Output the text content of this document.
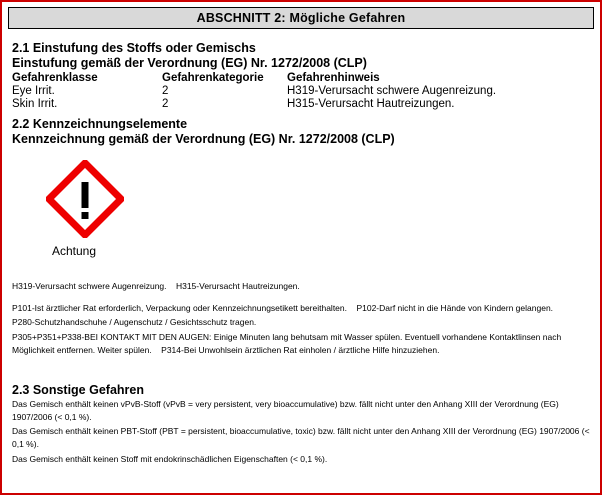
ABSCHNITT 2: Mögliche Gefahren
2.1 Einstufung des Stoffs oder Gemischs
Einstufung gemäß der Verordnung (EG) Nr. 1272/2008 (CLP)
Gefahrenklasse	Gefahrenkategorie	Gefahrenhinweis
Eye Irrit.	2	H319-Verursacht schwere Augenreizung.
Skin Irrit.	2	H315-Verursacht Hautreizungen.
2.2 Kennzeichnungselemente
Kennzeichnung gemäß der Verordnung (EG) Nr. 1272/2008 (CLP)
Achtung
H319-Verursacht schwere Augenreizung. H315-Verursacht Hautreizungen.
P101-Ist ärztlicher Rat erforderlich, Verpackung oder Kennzeichnungsetikett bereithalten. P102-Darf nicht in die Hände von Kindern gelangen.
P280-Schutzhandschuhe / Augenschutz / Gesichtsschutz tragen.
P305+P351+P338-BEI KONTAKT MIT DEN AUGEN: Einige Minuten lang behutsam mit Wasser spülen. Eventuell vorhandene Kontaktlinsen nach Möglichkeit entfernen. Weiter spülen. P314-Bei Unwohlsein ärztlichen Rat einholen / ärztliche Hilfe hinzuziehen.
2.3 Sonstige Gefahren

Das Gemisch enthält keinen vPvB-Stoff (vPvB = very persistent, very bioaccumulative) bzw. fällt nicht unter den Anhang XIII der Verordnung (EG) 1907/2006 (< 0,1 %).

Das Gemisch enthält keinen PBT-Stoff (PBT = persistent, bioaccumulative, toxic) bzw. fällt nicht unter den Anhang XIII der Verordnung (EG) 1907/2006 (< 0,1 %).

Das Gemisch enthält keinen Stoff mit endokrinschädlichen Eigenschaften (< 0,1 %).
